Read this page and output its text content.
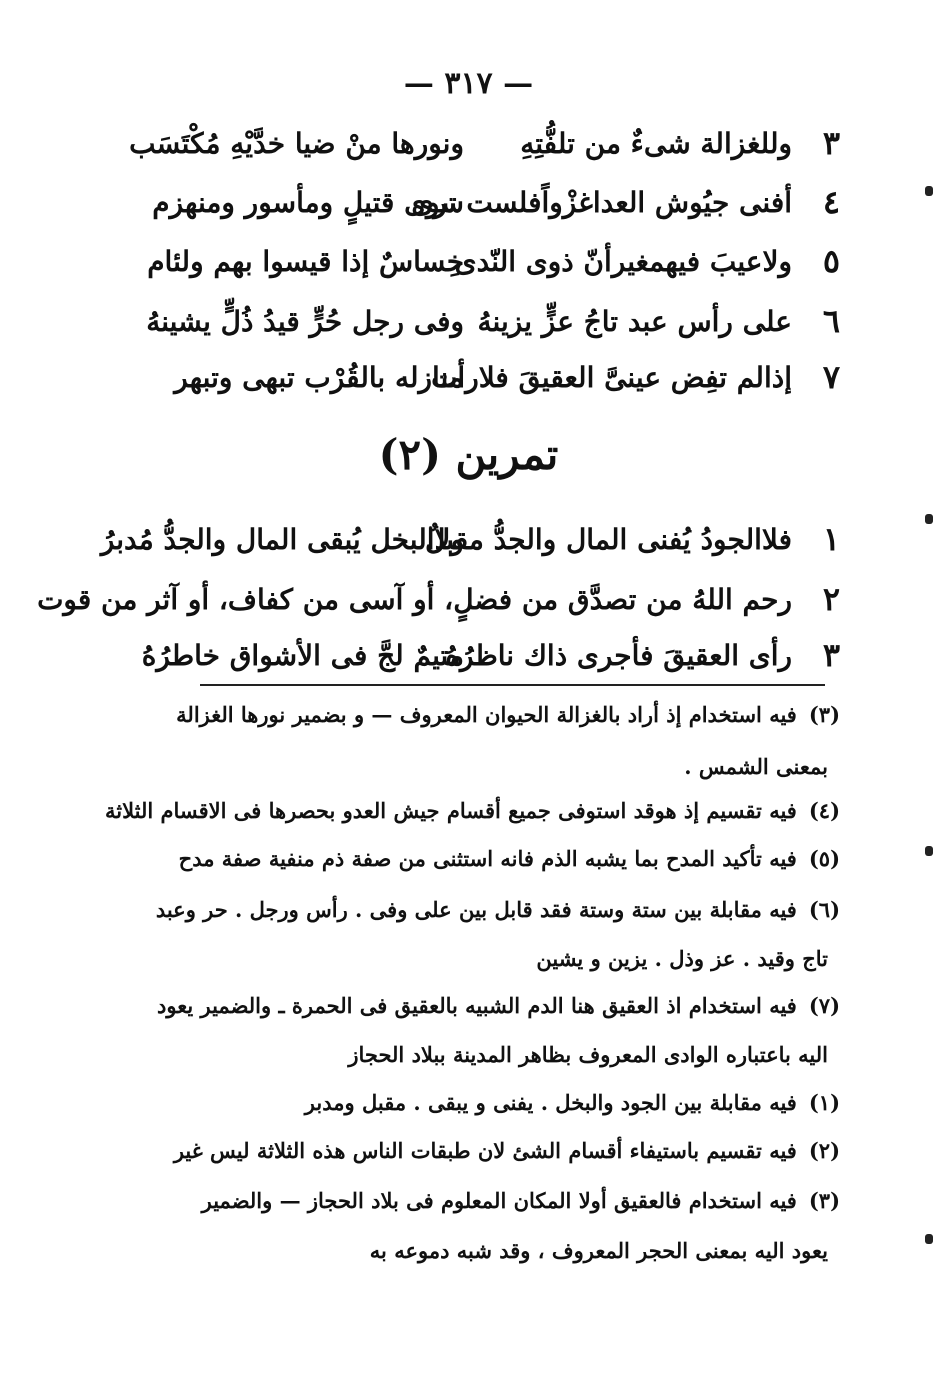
— ٣١٧ —
٣
وللغزالة شىءٌ من تلفُّتِهِ
ونورها منْ ضيا خدَّيْهِ مُكْتَسَب
٤
أفنى جيُوش العداغزْواًفلست ترى
سوى قتيلٍ ومأسور ومنهزم
٥
ولاعيبَ فيهمغيرأنّ ذوى النّدى
خِساسٌ إذا قيسوا بهم ولئام
٦
على رأس عبد تاجُ عزٍّ يزينهُ
وفى رجل حُرٍّ قيدُ ذُلٍّ يشينهُ
٧
إذالم تفِض عينىَّ العقيقَ فلارأت
منازله بالقُرْب تبهى وتبهر
تمرين (٢)
١
فلاالجودُ يُفنى المال والجدُّ مقبلٌ
ولاالبخل يُبقى المال والجدُّ مُدبرُ
٢
رحم اللهُ من تصدَّق من فضلٍ، أو آسى من كفاف، أو آثر من قوت
٣
رأى العقيقَ فأجرى ذاك ناظرُهُ
متيمٌ لجَّ فى الأشواق خاطرُهُ
(٣)فيه استخدام إذ أراد بالغزالة الحيوان المعروف — و بضمير نورها الغزالة
بمعنى الشمس .
(٤)فيه تقسيم إذ هوقد استوفى جميع أقسام جيش العدو بحصرها فى الاقسام الثلاثة
(٥)فيه تأكيد المدح بما يشبه الذم فانه استثنى من صفة ذم منفية صفة مدح
(٦)فيه مقابلة بين ستة وستة فقد قابل بين على وفى . رأس ورجل . حر وعبد
تاج وقيد . عز وذل . يزين و يشين
(٧)فيه استخدام اذ العقيق هنا الدم الشبيه بالعقيق فى الحمرة ـ والضمير يعود
اليه باعتباره الوادى المعروف بظاهر المدينة ببلاد الحجاز
(١)فيه مقابلة بين الجود والبخل . يفنى و يبقى . مقبل ومدبر
(٢)فيه تقسيم باستيفاء أقسام الشئ لان طبقات الناس هذه الثلاثة ليس غير
(٣)فيه استخدام فالعقيق أولا المكان المعلوم فى بلاد الحجاز — والضمير
يعود اليه بمعنى الحجر المعروف ، وقد شبه دموعه به
